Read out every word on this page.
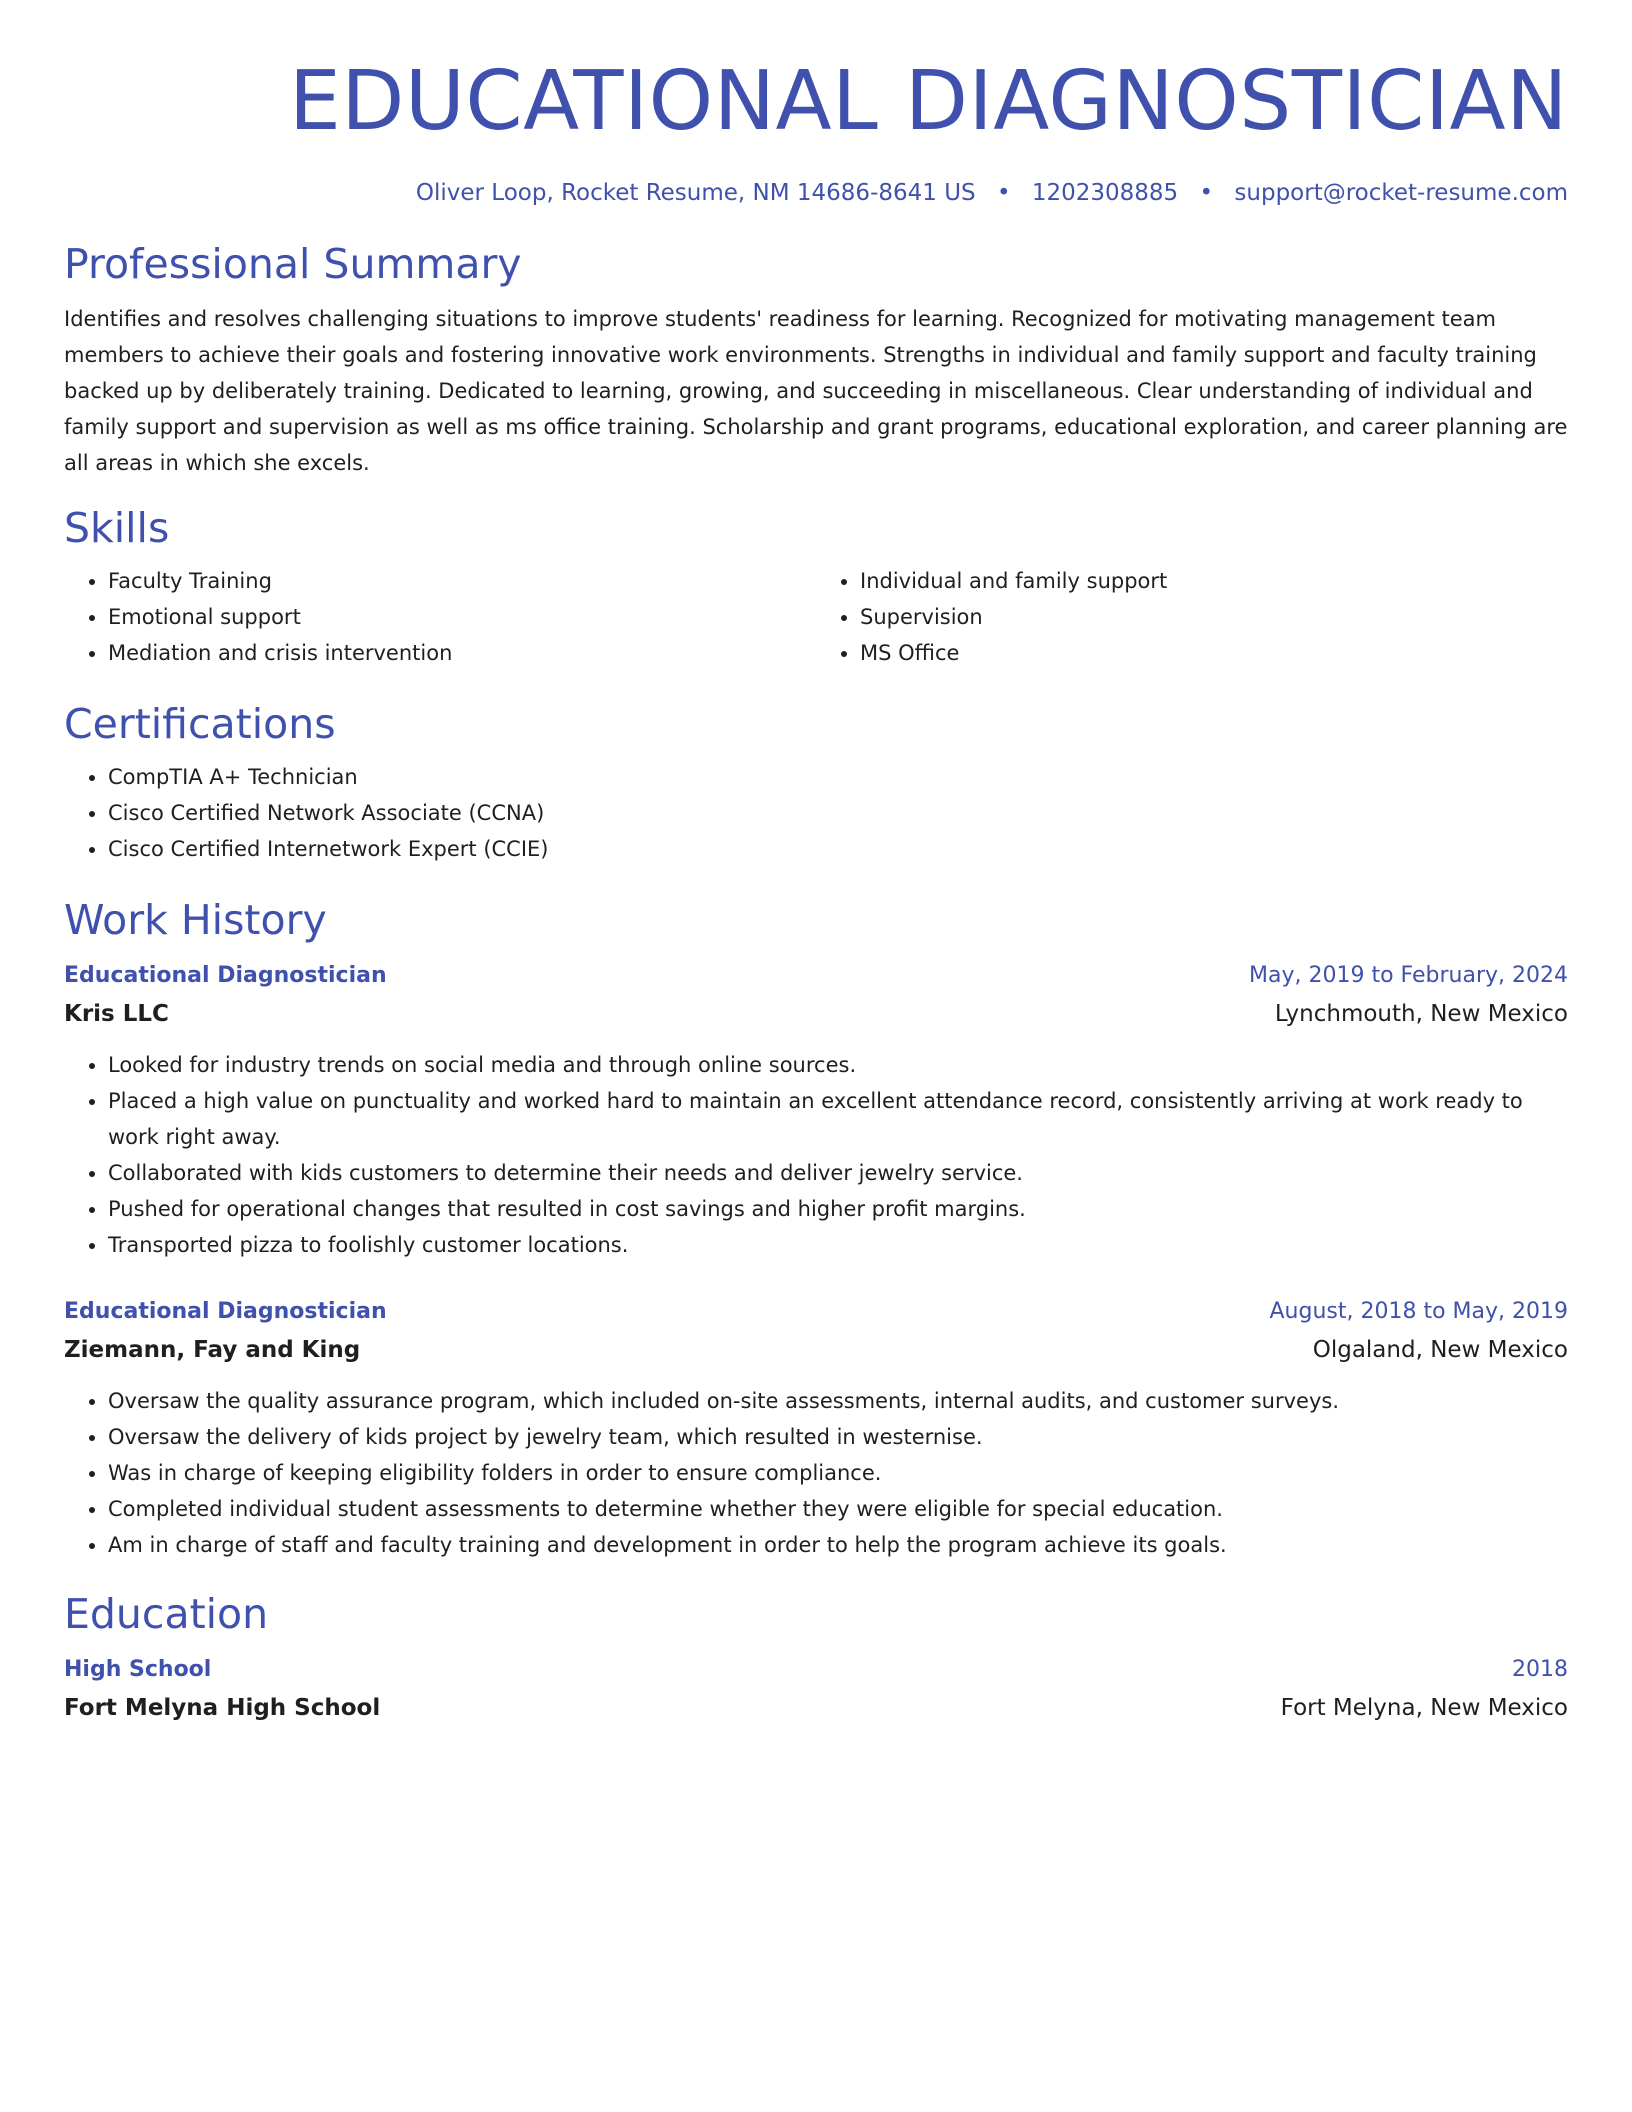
EDUCATIONAL DIAGNOSTICIAN
Oliver Loop, Rocket Resume, NM 14686-8641 US • 1202308885 • support@rocket-resume.com
Professional Summary

Identifies and resolves challenging situations to improve students' readiness for learning. Recognized for motivating management team members to achieve their goals and fostering innovative work environments. Strengths in individual and family support and faculty training backed up by deliberately training. Dedicated to learning, growing, and succeeding in miscellaneous. Clear understanding of individual and family support and supervision as well as ms office training. Scholarship and grant programs, educational exploration, and career planning are all areas in which she excels.

Skills
• Faculty Training
• Emotional support
• Mediation and crisis intervention
• Individual and family support
• Supervision
• MS Office
Certifications
• CompTIA A+ Technician
• Cisco Certified Network Associate (CCNA)
• Cisco Certified Internetwork Expert (CCIE)
Work History
Educational Diagnostician	May, 2019 to February, 2024
Kris LLC	Lynchmouth, New Mexico
• Looked for industry trends on social media and through online sources.
• Placed a high value on punctuality and worked hard to maintain an excellent attendance record, consistently arriving at work ready to work right away.
• Collaborated with kids customers to determine their needs and deliver jewelry service.
• Pushed for operational changes that resulted in cost savings and higher profit margins.
• Transported pizza to foolishly customer locations.
Educational Diagnostician	August, 2018 to May, 2019
Ziemann, Fay and King	Olgaland, New Mexico
• Oversaw the quality assurance program, which included on-site assessments, internal audits, and customer surveys.
• Oversaw the delivery of kids project by jewelry team, which resulted in westernise.
• Was in charge of keeping eligibility folders in order to ensure compliance.
• Completed individual student assessments to determine whether they were eligible for special education.
• Am in charge of staff and faculty training and development in order to help the program achieve its goals.
Education
High School	2018
Fort Melyna High School	Fort Melyna, New Mexico
